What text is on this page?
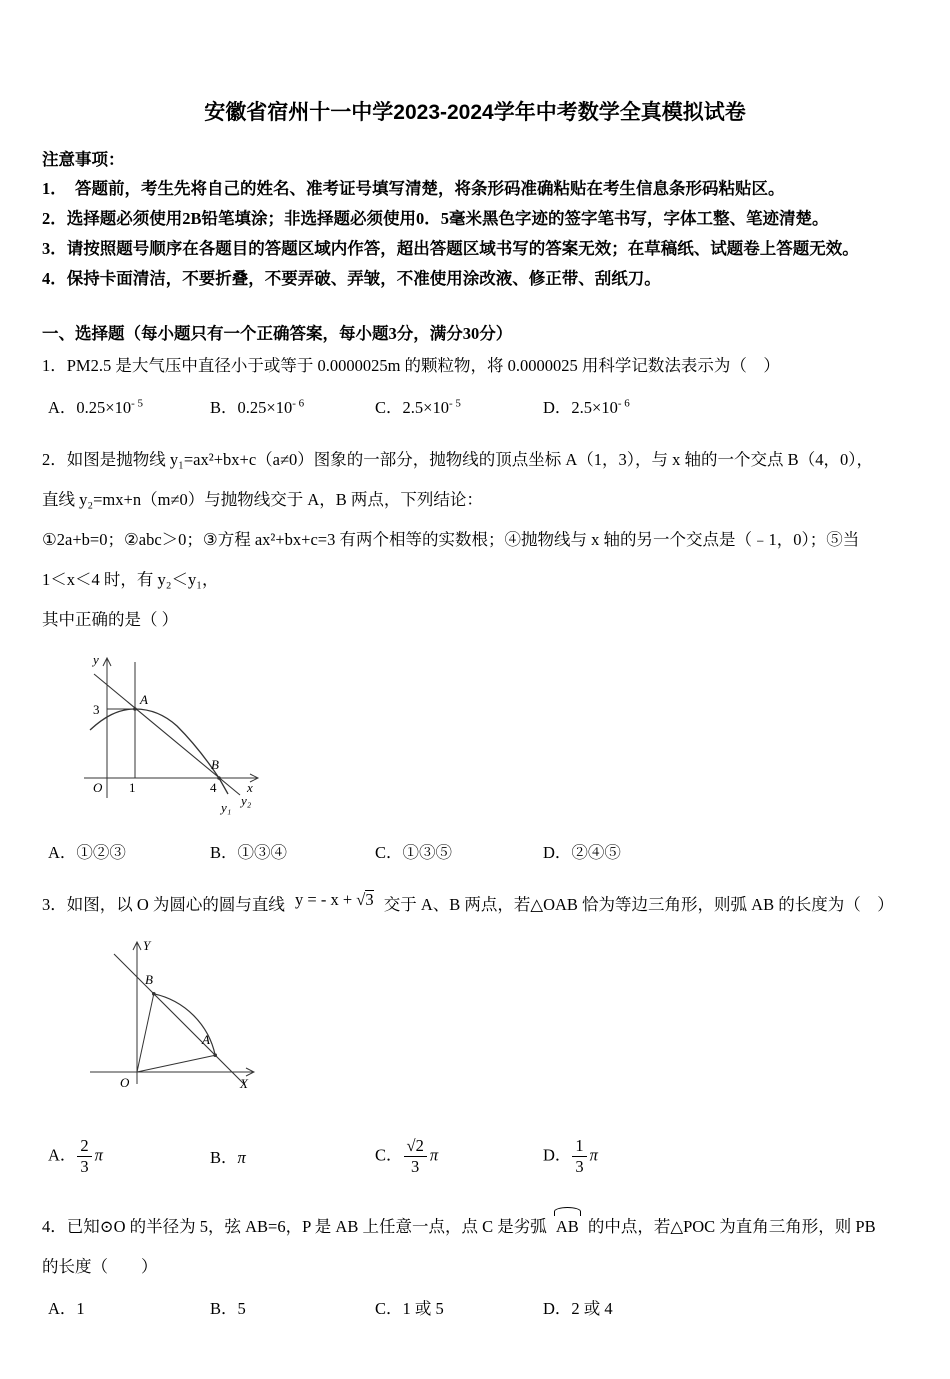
安徽省宿州十一中学2023-2024学年中考数学全真模拟试卷
注意事项：
1．　答题前，考生先将自己的姓名、准考证号填写清楚，将条形码准确粘贴在考生信息条形码粘贴区。
2．选择题必须使用2B铅笔填涂；非选择题必须使用0．5毫米黑色字迹的签字笔书写，字体工整、笔迹清楚。
3．请按照题号顺序在各题目的答题区域内作答，超出答题区域书写的答案无效；在草稿纸、试题卷上答题无效。
4．保持卡面清洁，不要折叠，不要弄破、弄皱，不准使用涂改液、修正带、刮纸刀。
一、选择题（每小题只有一个正确答案，每小题3分，满分30分）

1．PM2.5 是大气压中直径小于或等于 0.0000025m 的颗粒物，将 0.0000025 用科学记数法表示为（　）

A．$0.25\times 10^{- 5}$	B．$0.25\times 10^{- 6}$	C．$2.5\times 10^{- 5}$	D．$2.5\times 10^{- 6}$

2．如图是抛物线 y₁=ax²+bx+c（a≠0）图象的一部分，抛物线的顶点坐标 A（1，3），与 x 轴的一个交点 B（4，0），

直线 y₂=mx+n（m≠0）与抛物线交于 A，B 两点，下列结论：

①2a+b=0；②abc＞0；③方程 ax²+bx+c=3 有两个相等的实数根；④抛物线与 x 轴的另一个交点是（﹣1，0）；⑤当

1＜x＜4 时，有 y₂＜y₁，

其中正确的是（ ）

y
3
A
O 1	4 x
B
y₂
y₁
A．①②③	B．①③④	C．①③⑤	D．②④⑤

3．如图，以 O 为圆心的圆与直线 y = - x + √3 交于 A、B 两点，若△OAB 恰为等边三角形，则弧 AB 的长度为（　）

Y
B
A
O	X
A． $\frac{2}{3}$ π	B．π	C． $\frac{√2}{3}$ π	D． $\frac{1}{3}$ π

4．已知⊙O 的半径为 5，弦 AB=6，P 是 AB 上任意一点，点 C 是劣弧 AB 的中点，若△POC 为直角三角形，则 PB

的长度（　　）

A．1	B．5	C．1 或 5	D．2 或 4
